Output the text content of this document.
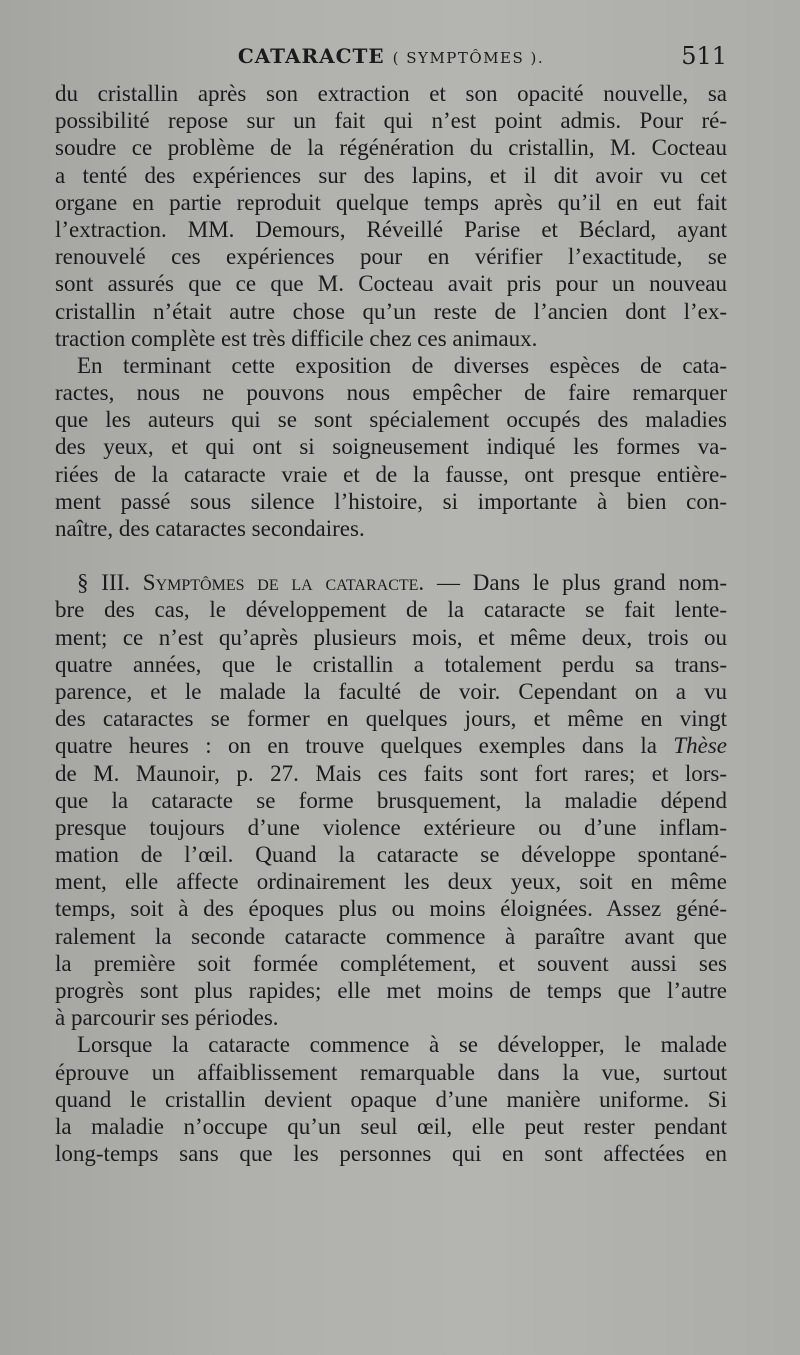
CATARACTE ( SYMPTÔMES ).	511
du cristallin après son extraction et son opacité nouvelle, sa
possibilité repose sur un fait qui n’est point admis. Pour ré-
soudre ce problème de la régénération du cristallin, M. Cocteau
a tenté des expériences sur des lapins, et il dit avoir vu cet
organe en partie reproduit quelque temps après qu’il en eut fait
l’extraction. MM. Demours, Réveillé Parise et Béclard, ayant
renouvelé ces expériences pour en vérifier l’exactitude, se
sont assurés que ce que M. Cocteau avait pris pour un nouveau
cristallin n’était autre chose qu’un reste de l’ancien dont l’ex-
traction complète est très difficile chez ces animaux.
En terminant cette exposition de diverses espèces de cata-
ractes, nous ne pouvons nous empêcher de faire remarquer
que les auteurs qui se sont spécialement occupés des maladies
des yeux, et qui ont si soigneusement indiqué les formes va-
riées de la cataracte vraie et de la fausse, ont presque entière-
ment passé sous silence l’histoire, si importante à bien con-
naître, des cataractes secondaires.
§ III. Symptômes de la cataracte. — Dans le plus grand nom-
bre des cas, le développement de la cataracte se fait lente-
ment; ce n’est qu’après plusieurs mois, et même deux, trois ou
quatre années, que le cristallin a totalement perdu sa trans-
parence, et le malade la faculté de voir. Cependant on a vu
des cataractes se former en quelques jours, et même en vingt
quatre heures : on en trouve quelques exemples dans la Thèse
de M. Maunoir, p. 27. Mais ces faits sont fort rares; et lors-
que la cataracte se forme brusquement, la maladie dépend
presque toujours d’une violence extérieure ou d’une inflam-
mation de l’œil. Quand la cataracte se développe spontané-
ment, elle affecte ordinairement les deux yeux, soit en même
temps, soit à des époques plus ou moins éloignées. Assez géné-
ralement la seconde cataracte commence à paraître avant que
la première soit formée complétement, et souvent aussi ses
progrès sont plus rapides; elle met moins de temps que l’autre
à parcourir ses périodes.
Lorsque la cataracte commence à se développer, le malade
éprouve un affaiblissement remarquable dans la vue, surtout
quand le cristallin devient opaque d’une manière uniforme. Si
la maladie n’occupe qu’un seul œil, elle peut rester pendant
long-temps sans que les personnes qui en sont affectées en
